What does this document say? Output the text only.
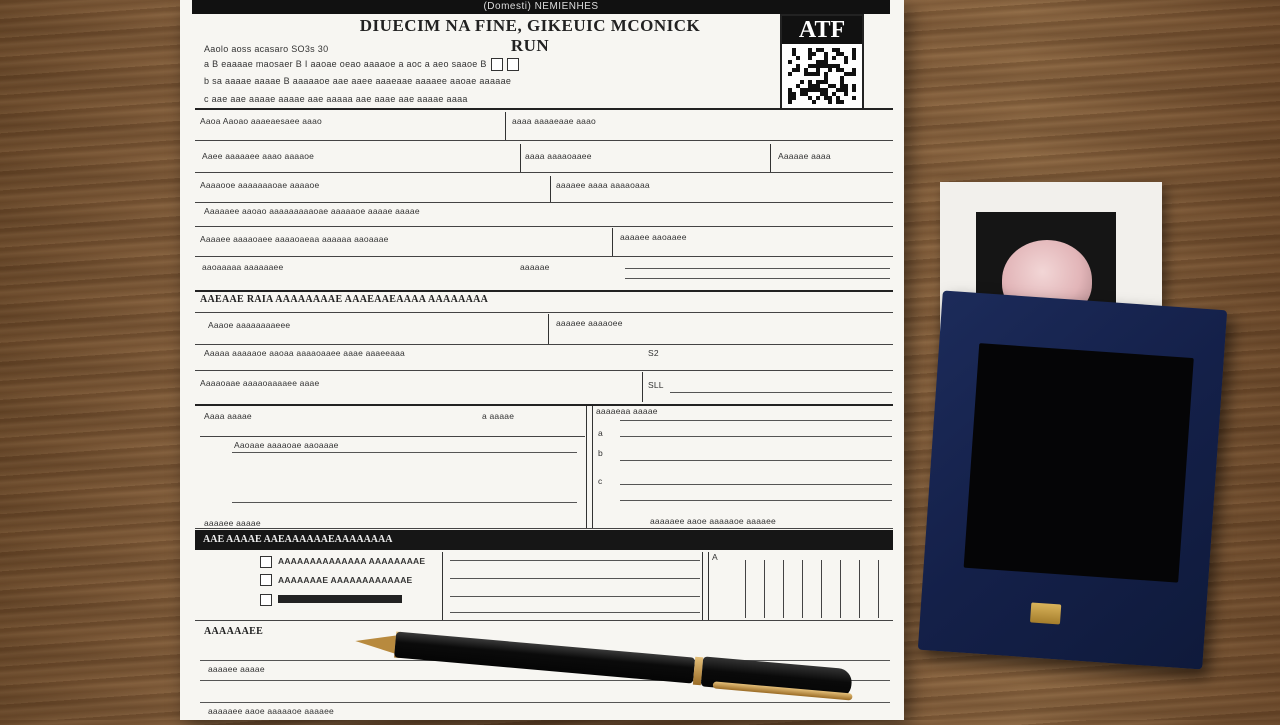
(Domesti) NEMIENHES
DIUECIM NA FINE, GIKEUIC MCONICK RUN
ATF
Aaolo aoss acasaro SO3s 30
a B eaaaae maosaer B I aaoae oeao aaaaoe a aoc a aeo saaoe B
b sa aaaae aaaae B aaaaaoe aae aaee aaaeaae aaaaee aaoae aaaaae
c aae aae aaaae aaaae aae aaaaa aae aaae aae aaaae aaaa
Aaoa Aaoao aaaeaesaee aaao	aaaa aaaaeaae aaao
Aaee aaaaaee aaao aaaaoe	aaaa aaaaoaaee	Aaaaae aaaa
Aaaaooe aaaaaaaoae aaaaoe	aaaaee aaaa aaaaoaaa
Aaaaaee aaoao aaaaaaaaaoae aaaaaoe aaaae aaaae
Aaaaee aaaaoaee aaaaoaeaa aaaaaa aaoaaae	aaaaee aaoaaee
aaoaaaaa aaaaaaee	aaaaae
AAEAAE RAIA AAAAAAAAE AAAEAAEAAAA AAAAAAAA
Aaaoe aaaaaaaaeee	aaaaee aaaaoee
Aaaaa aaaaaoe aaoaa aaaaoaaee aaae aaaeeaaa	S2
Aaaaoaae aaaaoaaaaee aaae	SLL
Aaaa aaaae	a aaaae	aaaaeaa aaaae
Aaoaae aaaaoae aaoaaae
a
b
c
aaaaee aaaae	aaaaaee aaoe aaaaaoe aaaaee
AAE AAAAE AAEAAAAAAEAAAAAAAA
AAAAAAAAAAAAAA AAAAAAAAE
AAAAAAAE AAAAAAAAAAAAE
A
AAAAAAEE
aaaaee aaaae
aaaaaee aaoe aaaaaoe aaaaee
